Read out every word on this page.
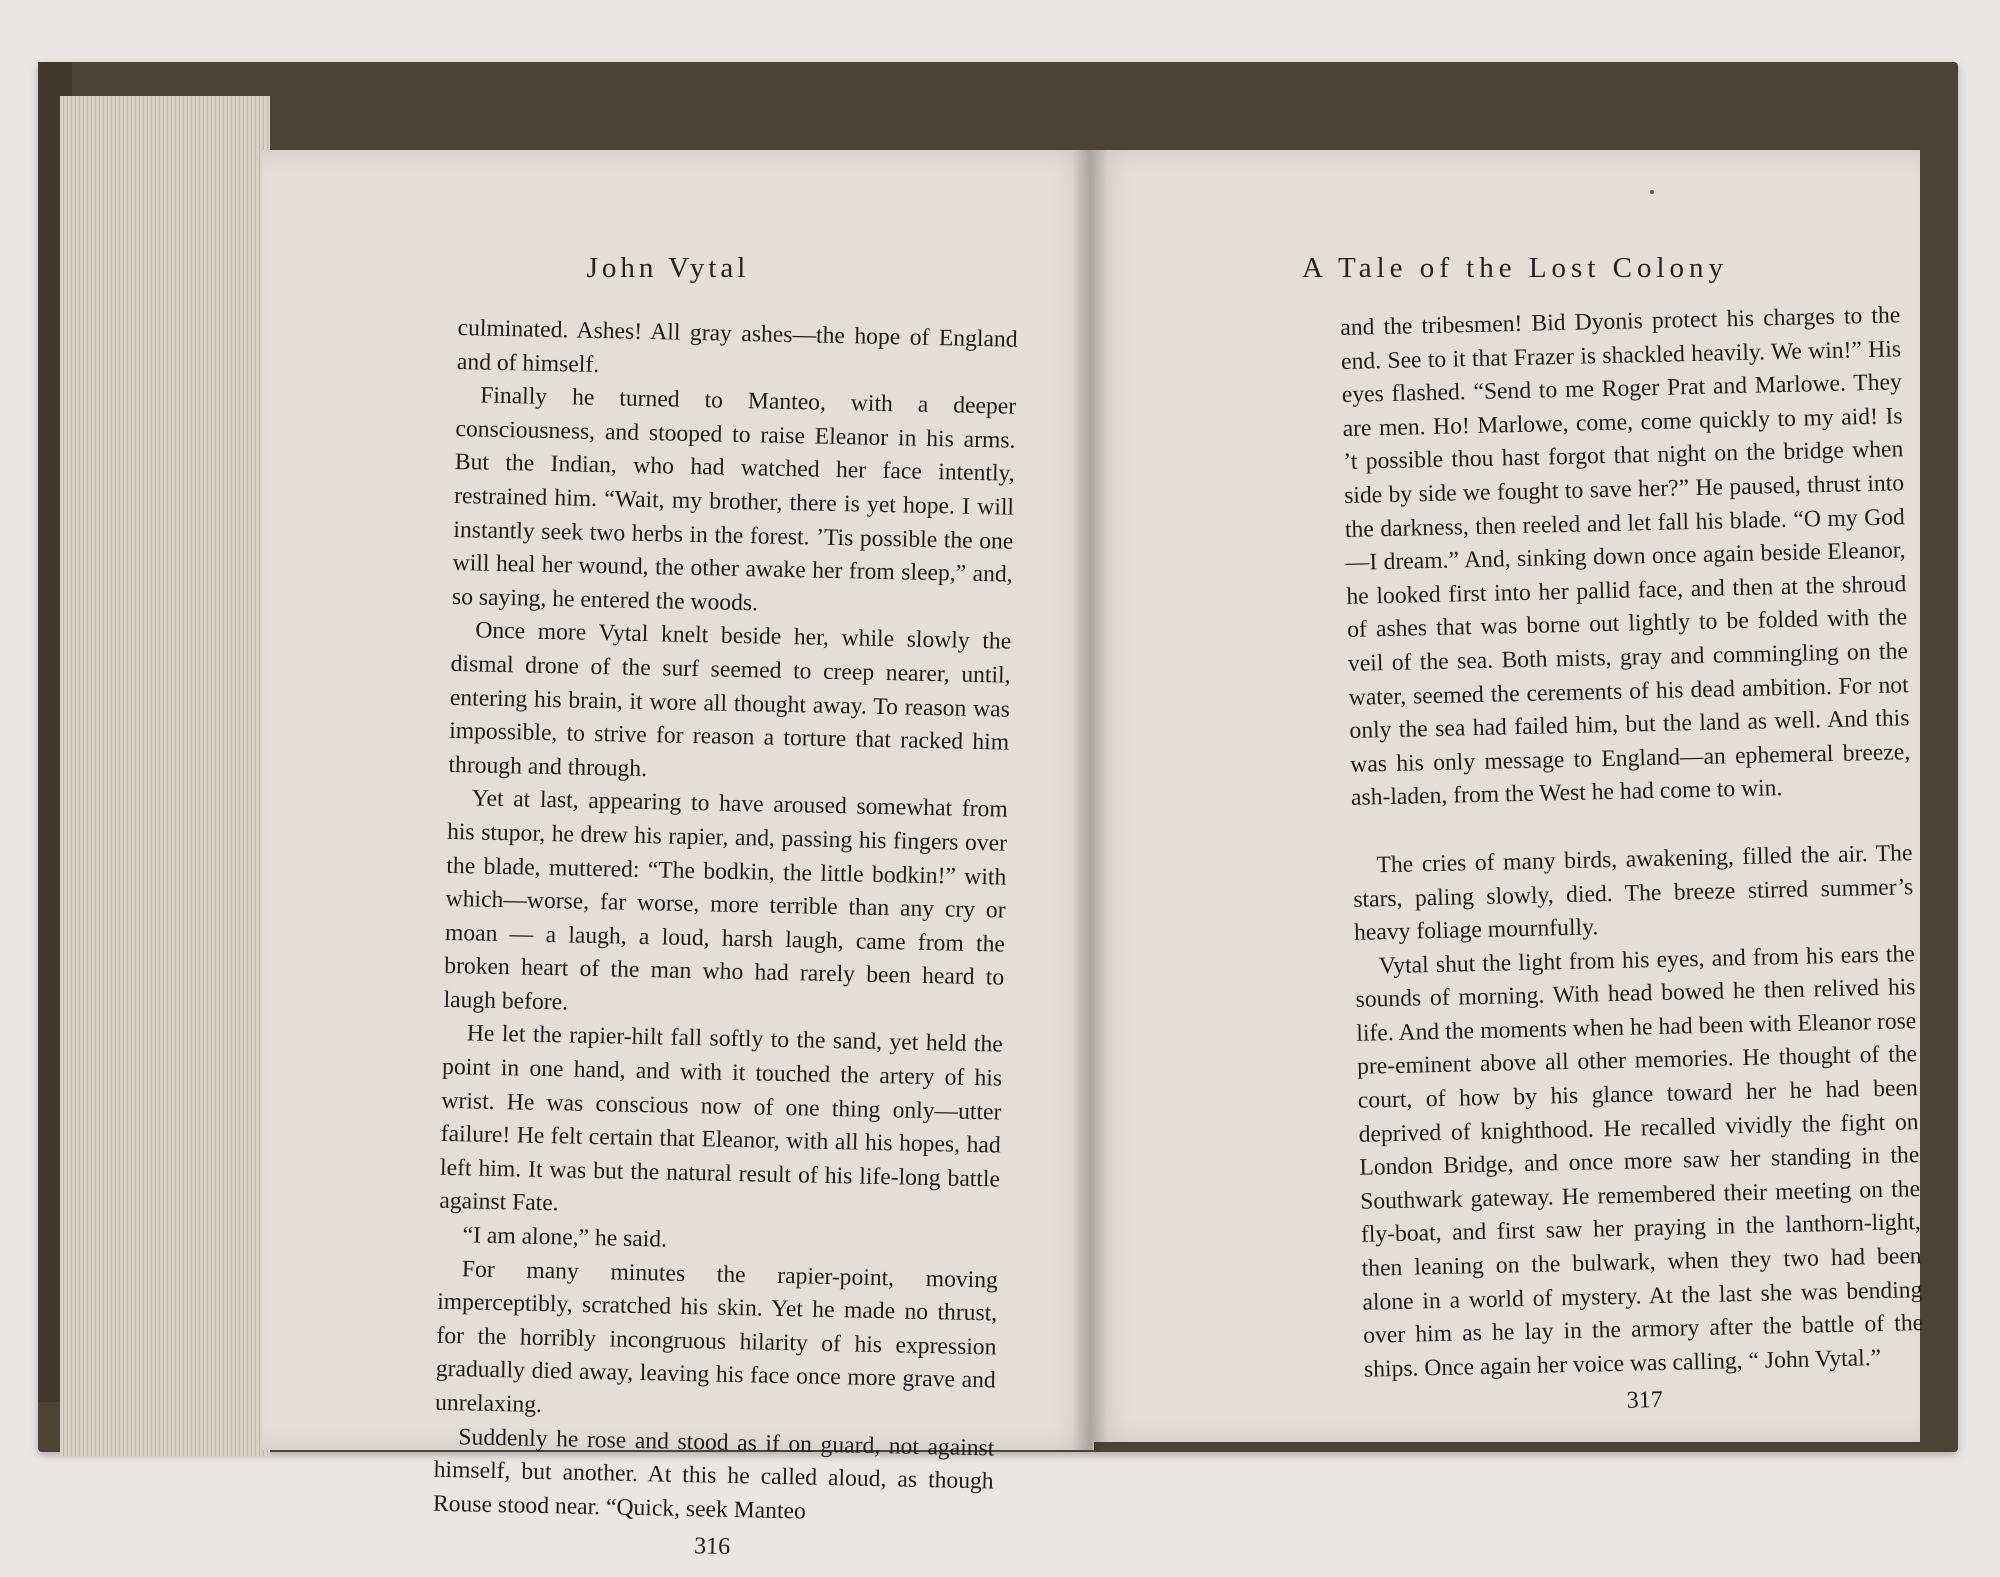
John Vytal

culminated. Ashes! All gray ashes—the hope of England and of himself.

Finally he turned to Manteo, with a deeper consciousness, and stooped to raise Eleanor in his arms. But the Indian, who had watched her face intently, restrained him. “Wait, my brother, there is yet hope. I will instantly seek two herbs in the forest. ’Tis possible the one will heal her wound, the other awake her from sleep,” and, so saying, he entered the woods.

Once more Vytal knelt beside her, while slowly the dismal drone of the surf seemed to creep nearer, until, entering his brain, it wore all thought away. To reason was impossible, to strive for reason a torture that racked him through and through.

Yet at last, appearing to have aroused somewhat from his stupor, he drew his rapier, and, passing his fingers over the blade, muttered: “The bodkin, the little bodkin!” with which—worse, far worse, more terrible than any cry or moan — a laugh, a loud, harsh laugh, came from the broken heart of the man who had rarely been heard to laugh before.

He let the rapier-hilt fall softly to the sand, yet held the point in one hand, and with it touched the artery of his wrist. He was conscious now of one thing only—utter failure! He felt certain that Eleanor, with all his hopes, had left him. It was but the natural result of his life-long battle against Fate.

“I am alone,” he said.

For many minutes the rapier-point, moving imperceptibly, scratched his skin. Yet he made no thrust, for the horribly incongruous hilarity of his expression gradually died away, leaving his face once more grave and unrelaxing.

Suddenly he rose and stood as if on guard, not against himself, but another. At this he called aloud, as though Rouse stood near. “Quick, seek Manteo

316
A Tale of the Lost Colony

and the tribesmen! Bid Dyonis protect his charges to the end. See to it that Frazer is shackled heavily. We win!” His eyes flashed. “Send to me Roger Prat and Marlowe. They are men. Ho! Marlowe, come, come quickly to my aid! Is ’t possible thou hast forgot that night on the bridge when side by side we fought to save her?” He paused, thrust into the darkness, then reeled and let fall his blade. “O my God—I dream.” And, sinking down once again beside Eleanor, he looked first into her pallid face, and then at the shroud of ashes that was borne out lightly to be folded with the veil of the sea. Both mists, gray and commingling on the water, seemed the cerements of his dead ambition. For not only the sea had failed him, but the land as well. And this was his only message to England—an ephemeral breeze, ash-laden, from the West he had come to win.

The cries of many birds, awakening, filled the air. The stars, paling slowly, died. The breeze stirred summer’s heavy foliage mournfully.

Vytal shut the light from his eyes, and from his ears the sounds of morning. With head bowed he then relived his life. And the moments when he had been with Eleanor rose pre-eminent above all other memories. He thought of the court, of how by his glance toward her he had been deprived of knighthood. He recalled vividly the fight on London Bridge, and once more saw her standing in the Southwark gateway. He remembered their meeting on the fly-boat, and first saw her praying in the lanthorn-light, then leaning on the bulwark, when they two had been alone in a world of mystery. At the last she was bending over him as he lay in the armory after the battle of the ships. Once again her voice was calling, “ John Vytal.”

317
